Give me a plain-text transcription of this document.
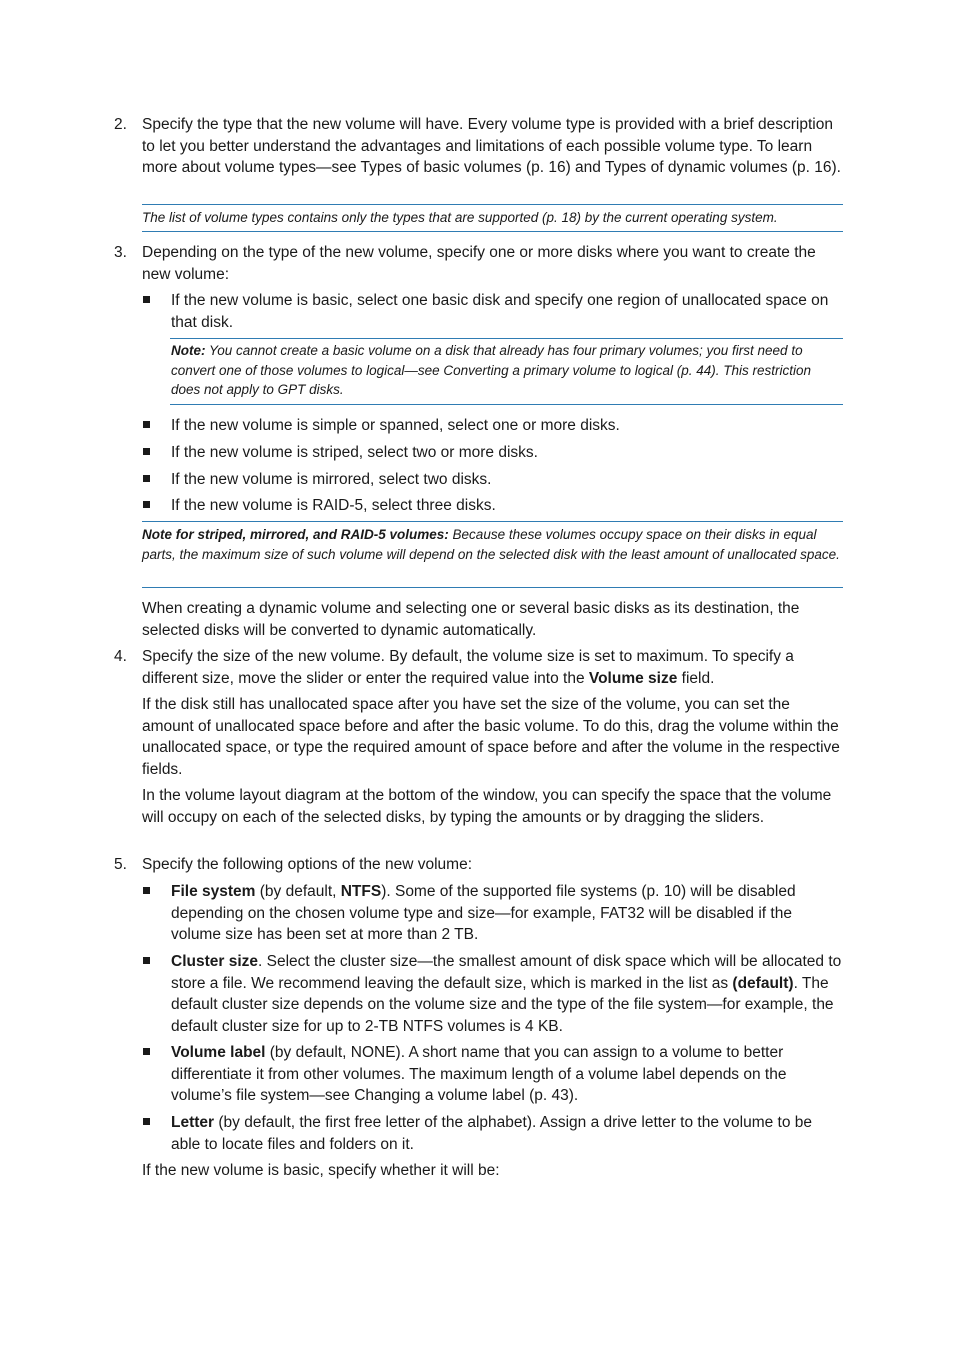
2. Specify the type that the new volume will have. Every volume type is provided with a brief description to let you better understand the advantages and limitations of each possible volume type. To learn more about volume types—see Types of basic volumes (p. 16) and Types of dynamic volumes (p. 16).

The list of volume types contains only the types that are supported (p. 18) by the current operating system.
3. Depending on the type of the new volume, specify one or more disks where you want to create the new volume:

If the new volume is basic, select one basic disk and specify one region of unallocated space on that disk.

Note: You cannot create a basic volume on a disk that already has four primary volumes; you first need to convert one of those volumes to logical—see Converting a primary volume to logical (p. 44). This restriction does not apply to GPT disks.

If the new volume is simple or spanned, select one or more disks.

If the new volume is striped, select two or more disks.

If the new volume is mirrored, select two disks.

If the new volume is RAID-5, select three disks.

Note for striped, mirrored, and RAID-5 volumes: Because these volumes occupy space on their disks in equal parts, the maximum size of such volume will depend on the selected disk with the least amount of unallocated space.

When creating a dynamic volume and selecting one or several basic disks as its destination, the selected disks will be converted to dynamic automatically.

4. Specify the size of the new volume. By default, the volume size is set to maximum. To specify a different size, move the slider or enter the required value into the Volume size field.

If the disk still has unallocated space after you have set the size of the volume, you can set the amount of unallocated space before and after the basic volume. To do this, drag the volume within the unallocated space, or type the required amount of space before and after the volume in the respective fields.

In the volume layout diagram at the bottom of the window, you can specify the space that the volume will occupy on each of the selected disks, by typing the amounts or by dragging the sliders.

5. Specify the following options of the new volume:

File system (by default, NTFS). Some of the supported file systems (p. 10) will be disabled depending on the chosen volume type and size—for example, FAT32 will be disabled if the volume size has been set at more than 2 TB.

Cluster size. Select the cluster size—the smallest amount of disk space which will be allocated to store a file. We recommend leaving the default size, which is marked in the list as (default). The default cluster size depends on the volume size and the type of the file system—for example, the default cluster size for up to 2-TB NTFS volumes is 4 KB.

Volume label (by default, NONE). A short name that you can assign to a volume to better differentiate it from other volumes. The maximum length of a volume label depends on the volume’s file system—see Changing a volume label (p. 43).

Letter (by default, the first free letter of the alphabet). Assign a drive letter to the volume to be able to locate files and folders on it.

If the new volume is basic, specify whether it will be:
